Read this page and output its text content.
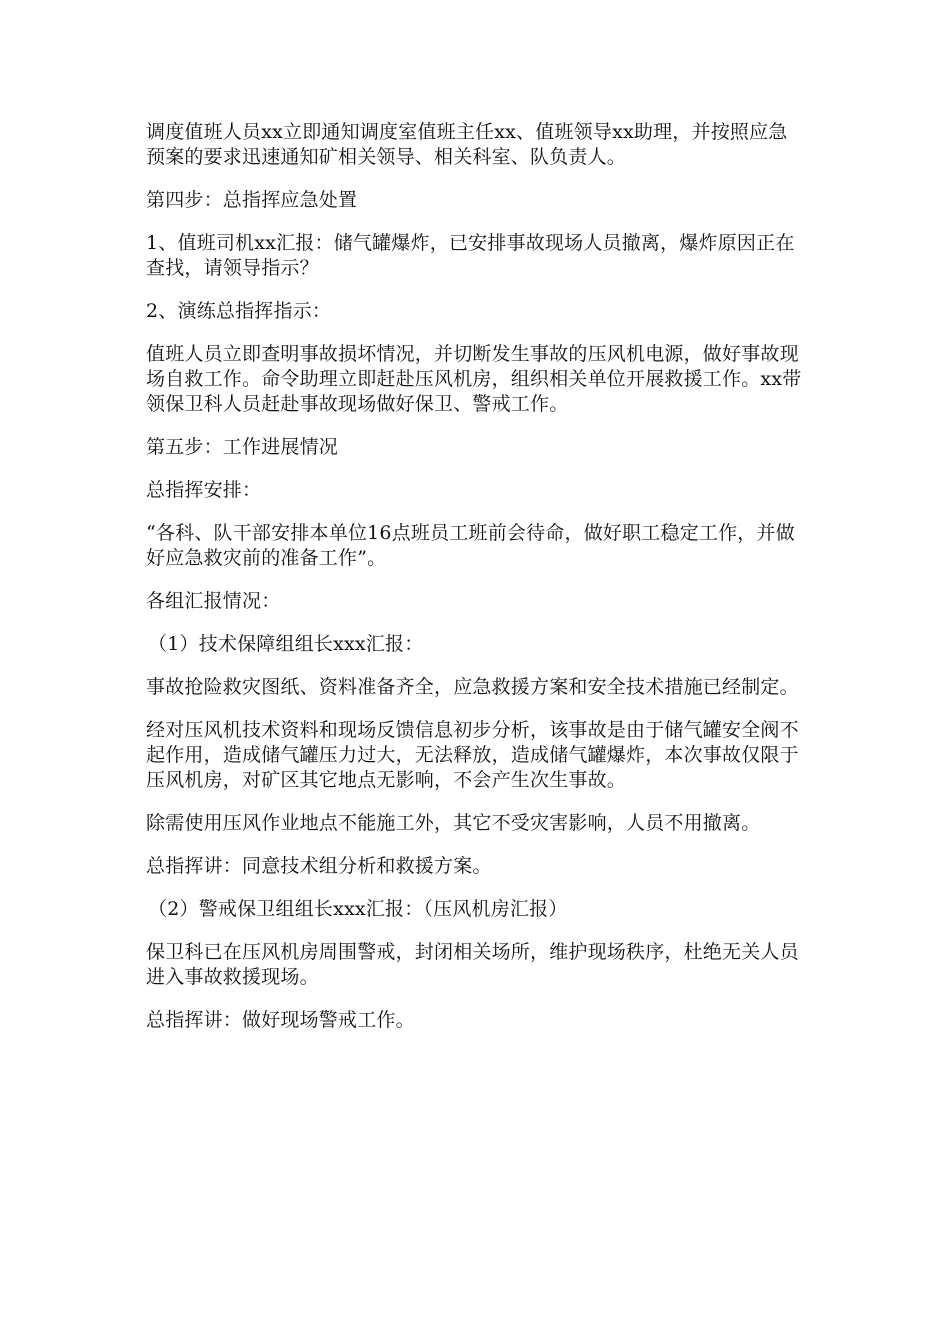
调度值班人员xx立即通知调度室值班主任xx、值班领导xx助理，并按照应急预案的要求迅速通知矿相关领导、相关科室、队负责人。

第四步：总指挥应急处置

1、值班司机xx汇报：储气罐爆炸，已安排事故现场人员撤离，爆炸原因正在查找，请领导指示？

2、演练总指挥指示：

值班人员立即查明事故损坏情况，并切断发生事故的压风机电源，做好事故现场自救工作。命令助理立即赶赴压风机房，组织相关单位开展救援工作。xx带领保卫科人员赶赴事故现场做好保卫、警戒工作。

第五步：工作进展情况

总指挥安排：

“各科、队干部安排本单位16点班员工班前会待命，做好职工稳定工作，并做好应急救灾前的准备工作”。

各组汇报情况：

（1）技术保障组组长xxx汇报：

事故抢险救灾图纸、资料准备齐全，应急救援方案和安全技术措施已经制定。

经对压风机技术资料和现场反馈信息初步分析，该事故是由于储气罐安全阀不起作用，造成储气罐压力过大，无法释放，造成储气罐爆炸，本次事故仅限于压风机房，对矿区其它地点无影响，不会产生次生事故。

除需使用压风作业地点不能施工外，其它不受灾害影响，人员不用撤离。

总指挥讲：同意技术组分析和救援方案。

（2）警戒保卫组组长xxx汇报：（压风机房汇报）

保卫科已在压风机房周围警戒，封闭相关场所，维护现场秩序，杜绝无关人员进入事故救援现场。

总指挥讲：做好现场警戒工作。
